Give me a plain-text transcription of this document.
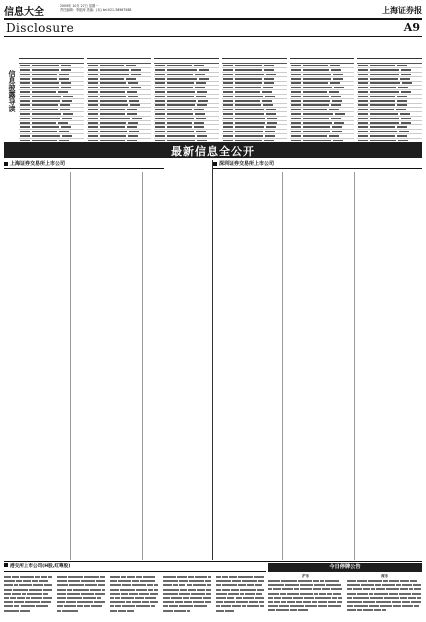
信息大全
2009年 10月 27日 星期一
责任编辑：李振涛 美编：(本) tel:021-38967588	上海证券报
Disclosure	A9
信息披露导读
最新信息全公开
上海证券交易所上市公司	深圳证券交易所上市公司
港交所上市公司(H股,红筹股)	今日停牌公告
沪市	深市
